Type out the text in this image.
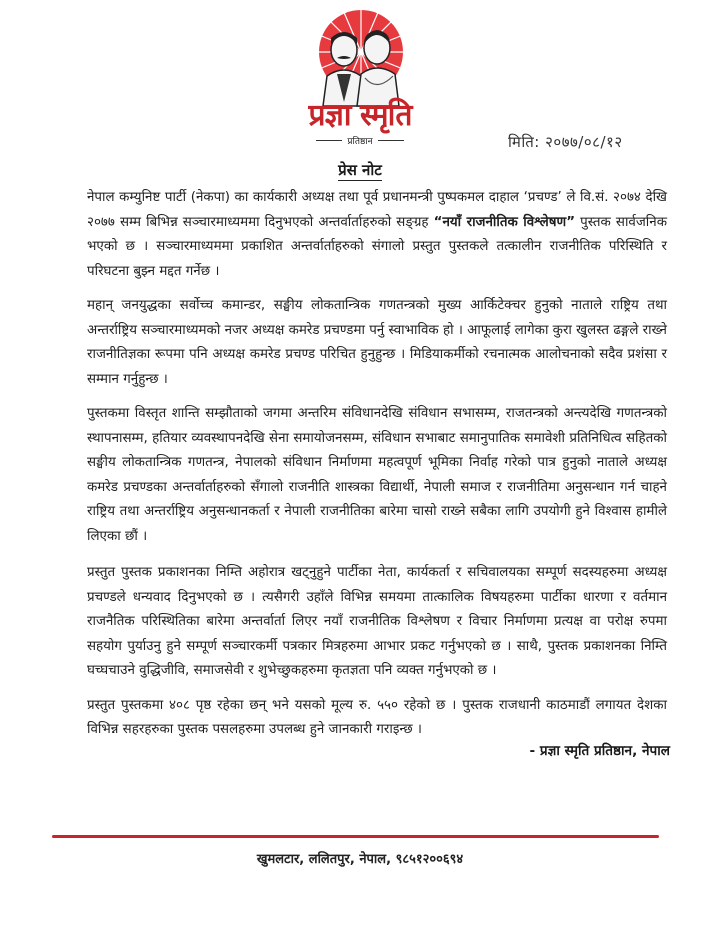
प्रज्ञा स्मृति
प्रतिष्ठान	मिति: २०७७/०८/१२
प्रेस नोट

नेपाल कम्युनिष्ट पार्टी (नेकपा) का कार्यकारी अध्यक्ष तथा पूर्व प्रधानमन्त्री पुष्पकमल दाहाल ‘प्रचण्ड’ ले वि.सं. २०७४ देखि २०७७ सम्म बिभिन्न सञ्चारमाध्यममा दिनुभएको अन्तर्वार्ताहरुको सङ्ग्रह “नयाँ राजनीतिक विश्लेषण” पुस्तक सार्वजनिक भएको छ । सञ्चारमाध्यममा प्रकाशित अन्तर्वार्ताहरुको संगालो प्रस्तुत पुस्तकले तत्कालीन राजनीतिक परिस्थिति र परिघटना बुझ्न मद्दत गर्नेछ ।

महान् जनयुद्धका सर्वोच्च कमान्डर, सङ्घीय लोकतान्त्रिक गणतन्त्रको मुख्य आर्किटेक्चर हुनुको नाताले राष्ट्रिय तथा अन्तर्राष्ट्रिय सञ्चारमाध्यमको नजर अध्यक्ष कमरेड प्रचण्डमा पर्नु स्वाभाविक हो । आफूलाई लागेका कुरा खुलस्त ढङ्गले राख्ने राजनीतिज्ञका रूपमा पनि अध्यक्ष कमरेड प्रचण्ड परिचित हुनुहुन्छ । मिडियाकर्मीको रचनात्मक आलोचनाको सदैव प्रशंसा र सम्मान गर्नुहुन्छ ।

पुस्तकमा विस्तृत शान्ति सम्झौताको जगमा अन्तरिम संविधानदेखि संविधान सभासम्म, राजतन्त्रको अन्त्यदेखि गणतन्त्रको स्थापनासम्म, हतियार व्यवस्थापनदेखि सेना समायोजनसम्म, संविधान सभाबाट समानुपातिक समावेशी प्रतिनिधित्व सहितको सङ्घीय लोकतान्त्रिक गणतन्त्र, नेपालको संविधान निर्माणमा महत्वपूर्ण भूमिका निर्वाह गरेको पात्र हुनुको नाताले अध्यक्ष कमरेड प्रचण्डका अन्तर्वार्ताहरुको सँगालो राजनीति शास्त्रका विद्यार्थी, नेपाली समाज र राजनीतिमा अनुसन्धान गर्न चाहने राष्ट्रिय तथा अन्तर्राष्ट्रिय अनुसन्धानकर्ता र नेपाली राजनीतिका बारेमा चासो राख्ने सबैका लागि उपयोगी हुने विश्वास हामीले लिएका छौं ।

प्रस्तुत पुस्तक प्रकाशनका निम्ति अहोरात्र खट्नुहुने पार्टीका नेता, कार्यकर्ता र सचिवालयका सम्पूर्ण सदस्यहरुमा अध्यक्ष प्रचण्डले धन्यवाद दिनुभएको छ । त्यसैगरी उहाँले विभिन्न समयमा तात्कालिक विषयहरुमा पार्टीका धारणा र वर्तमान राजनैतिक परिस्थितिका बारेमा अन्तर्वार्ता लिएर नयाँ राजनीतिक विश्लेषण र विचार निर्माणमा प्रत्यक्ष वा परोक्ष रुपमा सहयोग पुर्याउनु हुने सम्पूर्ण सञ्चारकर्मी पत्रकार मित्रहरुमा आभार प्रकट गर्नुभएको छ । साथै, पुस्तक प्रकाशनका निम्ति घच्घचाउने वुद्धिजीवि, समाजसेवी र शुभेच्छुकहरुमा कृतज्ञता पनि व्यक्त गर्नुभएको छ ।

प्रस्तुत पुस्तकमा ४०८ पृष्ठ रहेका छन् भने यसको मूल्य रु. ५५० रहेको छ । पुस्तक राजधानी काठमाडौं लगायत देशका विभिन्न सहरहरुका पुस्तक पसलहरुमा उपलब्ध हुने जानकारी गराइन्छ ।

- प्रज्ञा स्मृति प्रतिष्ठान, नेपाल
खुमलटार, ललितपुर, नेपाल, ९८५१२००६९४
